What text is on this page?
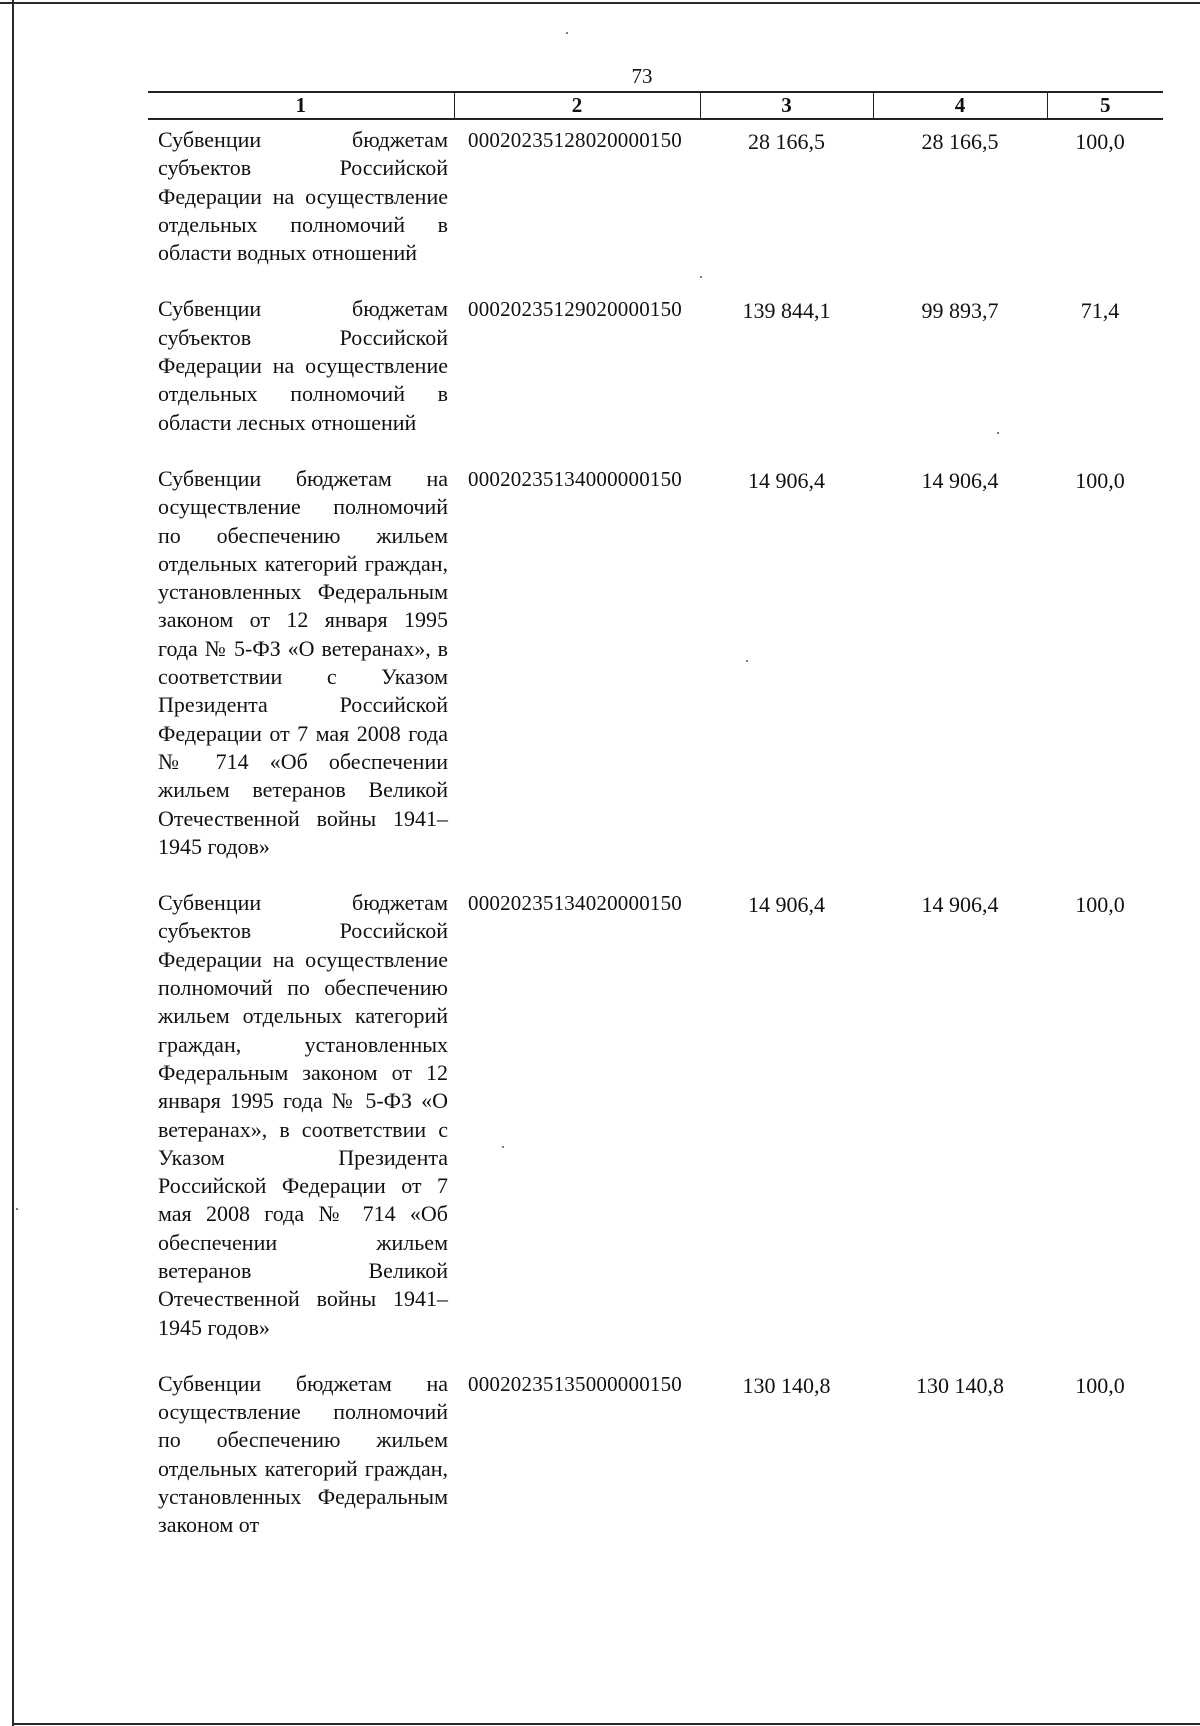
73
1	2	3	4	5
Субвенции бюджетам субъектов Российской Федерации на осуществление отдельных полномочий в области водных отношений	00020235128020000150	28 166,5	28 166,5	100,0
Субвенции бюджетам субъектов Российской Федерации на осуществление отдельных полномочий в области лесных отношений	00020235129020000150	139 844,1	99 893,7	71,4
Субвенции бюджетам на осуществление полномочий по обеспечению жильем отдельных категорий граждан, установленных Федеральным законом от 12 января 1995 года № 5-ФЗ «О ветеранах», в соответствии с Указом Президента Российской Федерации от 7 мая 2008 года № 714 «Об обеспечении жильем ветеранов Великой Отечественной войны 1941–1945 годов»	00020235134000000150	14 906,4	14 906,4	100,0
Субвенции бюджетам субъектов Российской Федерации на осуществление полномочий по обеспечению жильем отдельных категорий граждан, установленных Федеральным законом от 12 января 1995 года № 5-ФЗ «О ветеранах», в соответствии с Указом Президента Российской Федерации от 7 мая 2008 года № 714 «Об обеспечении жильем ветеранов Великой Отечественной войны 1941–1945 годов»	00020235134020000150	14 906,4	14 906,4	100,0
Субвенции бюджетам на осуществление полномочий по обеспечению жильем отдельных категорий граждан, установленных Федеральным законом от	00020235135000000150	130 140,8	130 140,8	100,0
